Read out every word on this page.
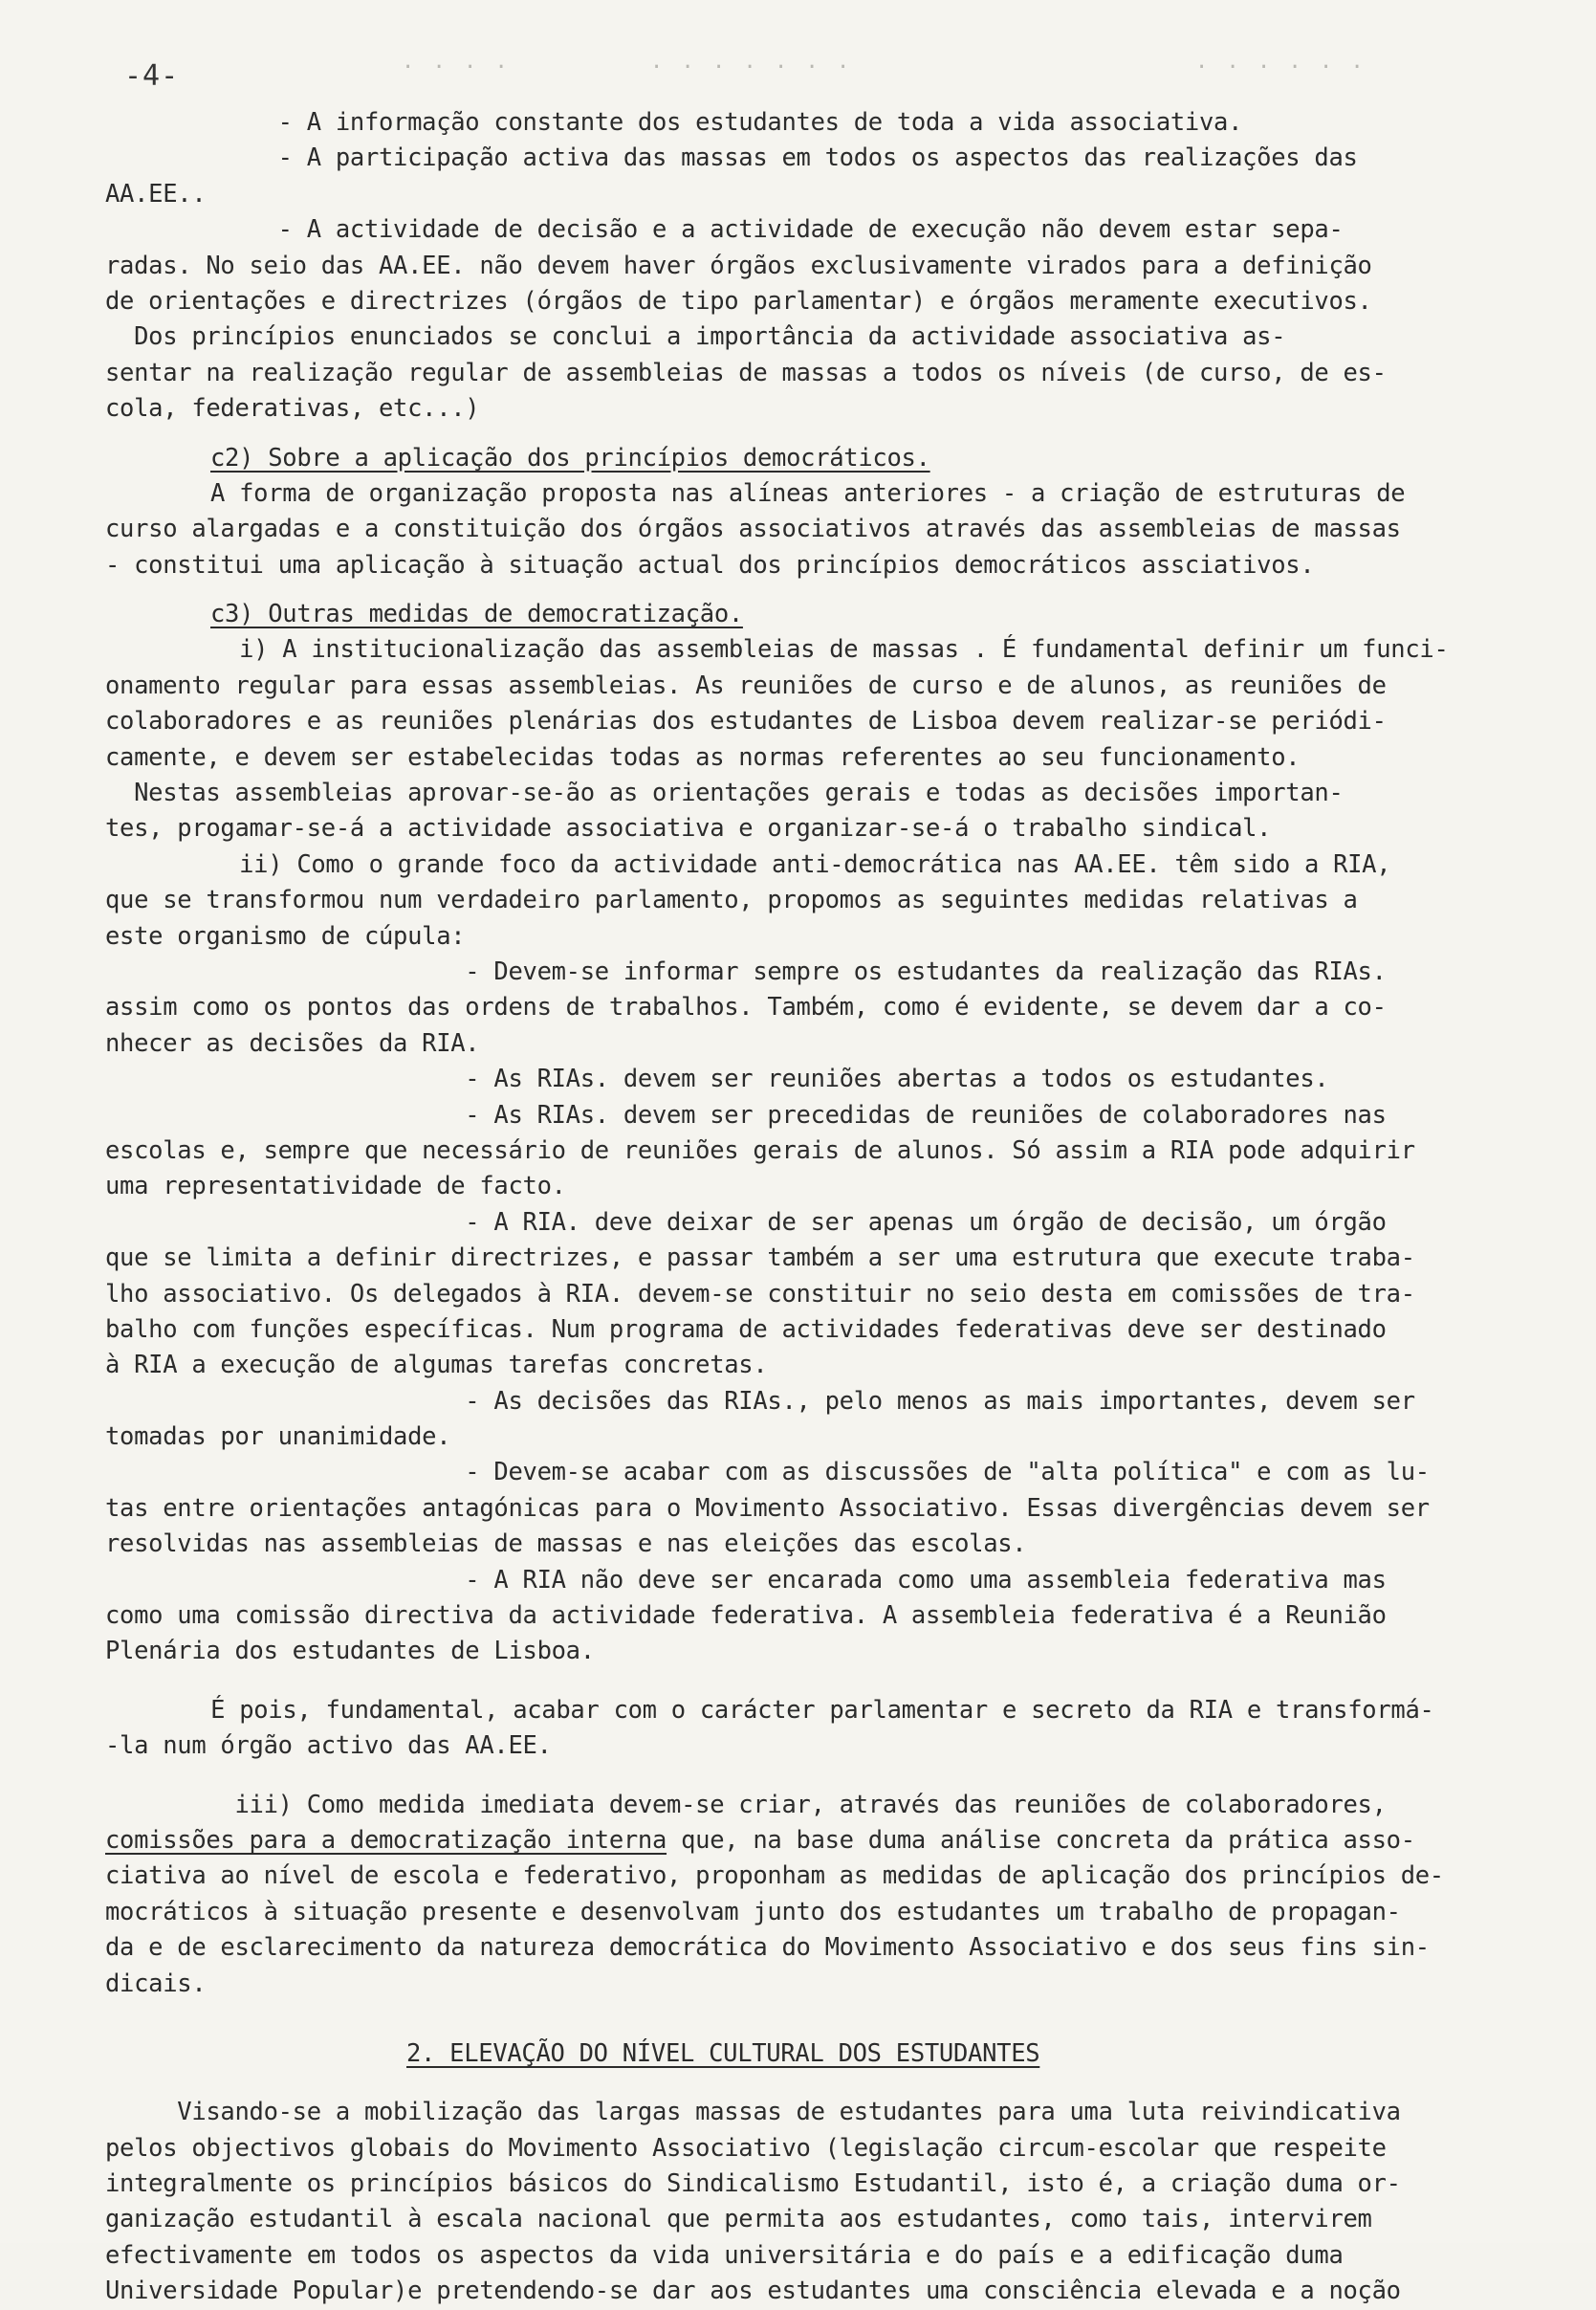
-4-	. . . .	. . . . . . .	. . . . . .
- A informação constante dos estudantes de toda a vida associativa.
- A participação activa das massas em todos os aspectos das realizações das
AA.EE..
- A actividade de decisão e a actividade de execução não devem estar sepa-
radas. No seio das AA.EE. não devem haver órgãos exclusivamente virados para a definição
de orientações e directrizes (órgãos de tipo parlamentar) e órgãos meramente executivos.
Dos princípios enunciados se conclui a importância da actividade associativa as-
sentar na realização regular de assembleias de massas a todos os níveis (de curso, de es-
cola, federativas, etc...)
c2) Sobre a aplicação dos princípios democráticos.
A forma de organização proposta nas alíneas anteriores - a criação de estruturas de
curso alargadas e a constituição dos órgãos associativos através das assembleias de massas
- constitui uma aplicação à situação actual dos princípios democráticos assciativos.
c3) Outras medidas de democratização.
i) A institucionalização das assembleias de massas . É fundamental definir um funci-
onamento regular para essas assembleias. As reuniões de curso e de alunos, as reuniões de
colaboradores e as reuniões plenárias dos estudantes de Lisboa devem realizar-se periódi-
camente, e devem ser estabelecidas todas as normas referentes ao seu funcionamento.
Nestas assembleias aprovar-se-ão as orientações gerais e todas as decisões importan-
tes, progamar-se-á a actividade associativa e organizar-se-á o trabalho sindical.
ii) Como o grande foco da actividade anti-democrática nas AA.EE. têm sido a RIA,
que se transformou num verdadeiro parlamento, propomos as seguintes medidas relativas a
este organismo de cúpula:
- Devem-se informar sempre os estudantes da realização das RIAs.
assim como os pontos das ordens de trabalhos. Também, como é evidente, se devem dar a co-
nhecer as decisões da RIA.
- As RIAs. devem ser reuniões abertas a todos os estudantes.
- As RIAs. devem ser precedidas de reuniões de colaboradores nas
escolas e, sempre que necessário de reuniões gerais de alunos. Só assim a RIA pode adquirir
uma representatividade de facto.
- A RIA. deve deixar de ser apenas um órgão de decisão, um órgão
que se limita a definir directrizes, e passar também a ser uma estrutura que execute traba-
lho associativo. Os delegados à RIA. devem-se constituir no seio desta em comissões de tra-
balho com funções específicas. Num programa de actividades federativas deve ser destinado
à RIA a execução de algumas tarefas concretas.
- As decisões das RIAs., pelo menos as mais importantes, devem ser
tomadas por unanimidade.
- Devem-se acabar com as discussões de "alta política" e com as lu-
tas entre orientações antagónicas para o Movimento Associativo. Essas divergências devem ser
resolvidas nas assembleias de massas e nas eleições das escolas.
- A RIA não deve ser encarada como uma assembleia federativa mas
como uma comissão directiva da actividade federativa. A assembleia federativa é a Reunião
Plenária dos estudantes de Lisboa.
É pois, fundamental, acabar com o carácter parlamentar e secreto da RIA e transformá-
-la num órgão activo das AA.EE.
iii) Como medida imediata devem-se criar, através das reuniões de colaboradores,
comissões para a democratização interna que, na base duma análise concreta da prática asso-
ciativa ao nível de escola e federativo, proponham as medidas de aplicação dos princípios de-
mocráticos à situação presente e desenvolvam junto dos estudantes um trabalho de propagan-
da e de esclarecimento da natureza democrática do Movimento Associativo e dos seus fins sin-
dicais.
2. ELEVAÇÃO DO NÍVEL CULTURAL DOS ESTUDANTES
Visando-se a mobilização das largas massas de estudantes para uma luta reivindicativa
pelos objectivos globais do Movimento Associativo (legislação circum-escolar que respeite
integralmente os princípios básicos do Sindicalismo Estudantil, isto é, a criação duma or-
ganização estudantil à escala nacional que permita aos estudantes, como tais, intervirem
efectivamente em todos os aspectos da vida universitária e do país e a edificação duma
Universidade Popular)e pretendendo-se dar aos estudantes uma consciência elevada e a noção
